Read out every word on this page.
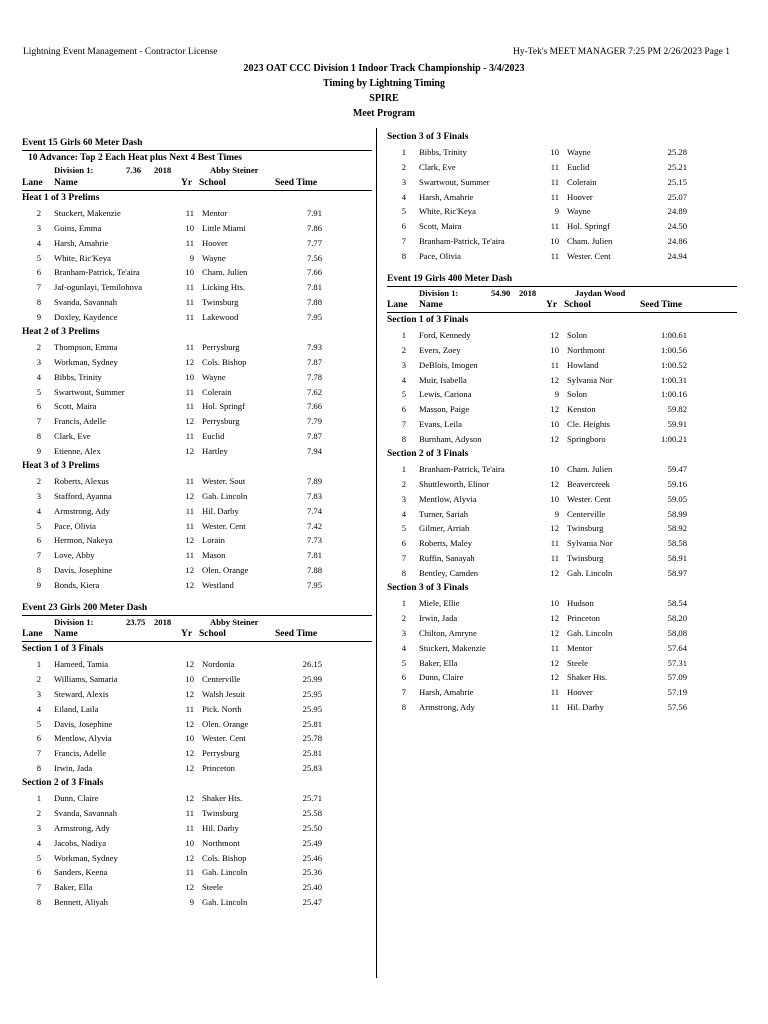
Lightning Event Management - Contractor License	Hy-Tek's MEET MANAGER 7:25 PM 2/26/2023 Page 1
2023 OAT CCC Division 1 Indoor Track Championship - 3/4/2023
Timing by Lightning Timing
SPIRE
Meet Program
Event 15 Girls 60 Meter Dash
10 Advance: Top 2 Each Heat plus Next 4 Best Times
Division 1:	7.36 2018	Abby Steiner
Lane Name	Yr School	Seed Time
Heat 1 of 3 Prelims
2 Stuckert, Makenzie	11 Mentor	7.91
3 Goins, Emma	10 Little Miami	7.86
4 Harsh, Amahrie	11 Hoover	7.77
5 White, Ric'Keya	9 Wayne	7.56
6 Branham-Patrick, Te'aira	10 Cham. Julien	7.66
7 Jaf-ogunlayi, Temilohnva	11 Licking Hts.	7.81
8 Svanda, Savannah	11 Twinsburg	7.88
9 Doxley, Kaydence	11 Lakewood	7.95
Heat 2 of 3 Prelims
2 Thompson, Emma	11 Perrysburg	7.93
3 Workman, Sydney	12 Cols. Bishop	7.87
4 Bibbs, Trinity	10 Wayne	7.78
5 Swartwout, Summer	11 Colerain	7.62
6 Scott, Maira	11 Hol. Springf	7.66
7 Francis, Adelle	12 Perrysburg	7.79
8 Clark, Eve	11 Euclid	7.87
9 Etienne, Alex	12 Hartley	7.94
Heat 3 of 3 Prelims
2 Roberts, Alexus	11 Wester. Sout	7.89
3 Stafford, Ayanna	12 Gah. Lincoln	7.83
4 Armstrong, Ady	11 Hil. Darby	7.74
5 Pace, Olivia	11 Wester. Cent	7.42
6 Hermon, Nakeya	12 Lorain	7.73
7 Love, Abby	11 Mason	7.81
8 Davis, Josephine	12 Olen. Orange	7.88
9 Bonds, Kiera	12 Westland	7.95
Event 23 Girls 200 Meter Dash
Division 1:	23.75 2018	Abby Steiner
Lane Name	Yr School	Seed Time
Section 1 of 3 Finals
1 Hameed, Tamia	12 Nordonia	26.15
2 Williams, Samaria	10 Centerville	25.99
3 Steward, Alexis	12 Walsh Jesuit	25.95
4 Eiland, Laila	11 Pick. North	25.95
5 Davis, Josephine	12 Olen. Orange	25.81
6 Mentlow, Alyvia	10 Wester. Cent	25.78
7 Francis, Adelle	12 Perrysburg	25.81
8 Irwin, Jada	12 Princeton	25.83
Section 2 of 3 Finals
1 Dunn, Claire	12 Shaker Hts.	25.71
2 Svanda, Savannah	11 Twinsburg	25.58
3 Armstrong, Ady	11 Hil. Darby	25.50
4 Jacobs, Nadiya	10 Northmont	25.49
5 Workman, Sydney	12 Cols. Bishop	25.46
6 Sanders, Keena	11 Gah. Lincoln	25.36
7 Baker, Ella	12 Steele	25.40
8 Bennett, Aliyah	9 Gah. Lincoln	25.47
Section 3 of 3 Finals
1 Bibbs, Trinity	10 Wayne	25.28
2 Clark, Eve	11 Euclid	25.21
3 Swartwout, Summer	11 Colerain	25.15
4 Harsh, Amahrie	11 Hoover	25.07
5 White, Ric'Keya	9 Wayne	24.89
6 Scott, Maira	11 Hol. Springf	24.50
7 Branham-Patrick, Te'aira	10 Cham. Julien	24.86
8 Pace, Olivia	11 Wester. Cent	24.94
Event 19 Girls 400 Meter Dash
Division 1:	54.90 2018	Jaydan Wood
Lane Name	Yr School	Seed Time
Section 1 of 3 Finals
1 Ford, Kennedy	12 Solon	1:00.61
2 Evers, Zoey	10 Northmont	1:00.56
3 DeBlois, Imogen	11 Howland	1:00.52
4 Muir, Isabella	12 Sylvania Nor	1:00.31
5 Lewis, Cariona	9 Solon	1:00.16
6 Masson, Paige	12 Kenston	59.82
7 Evans, Leila	10 Cle. Heights	59.91
8 Burnham, Adyson	12 Springboro	1:00.21
Section 2 of 3 Finals
1 Branham-Patrick, Te'aira	10 Cham. Julien	59.47
2 Shuttleworth, Elinor	12 Beavercreek	59.16
3 Mentlow, Alyvia	10 Wester. Cent	59.05
4 Turner, Sariah	9 Centerville	58.99
5 Gilmer, Arriah	12 Twinsburg	58.92
6 Roberts, Maley	11 Sylvania Nor	58.58
7 Ruffin, Sanayah	11 Twinsburg	58.91
8 Bentley, Camden	12 Gah. Lincoln	58.97
Section 3 of 3 Finals
1 Miele, Ellie	10 Hudson	58.54
2 Irwin, Jada	12 Princeton	58.20
3 Chilton, Amryne	12 Gah. Lincoln	58.08
4 Stuckert, Makenzie	11 Mentor	57.64
5 Baker, Ella	12 Steele	57.31
6 Dunn, Claire	12 Shaker Hts.	57.09
7 Harsh, Amahrie	11 Hoover	57.19
8 Armstrong, Ady	11 Hil. Darby	57.56
